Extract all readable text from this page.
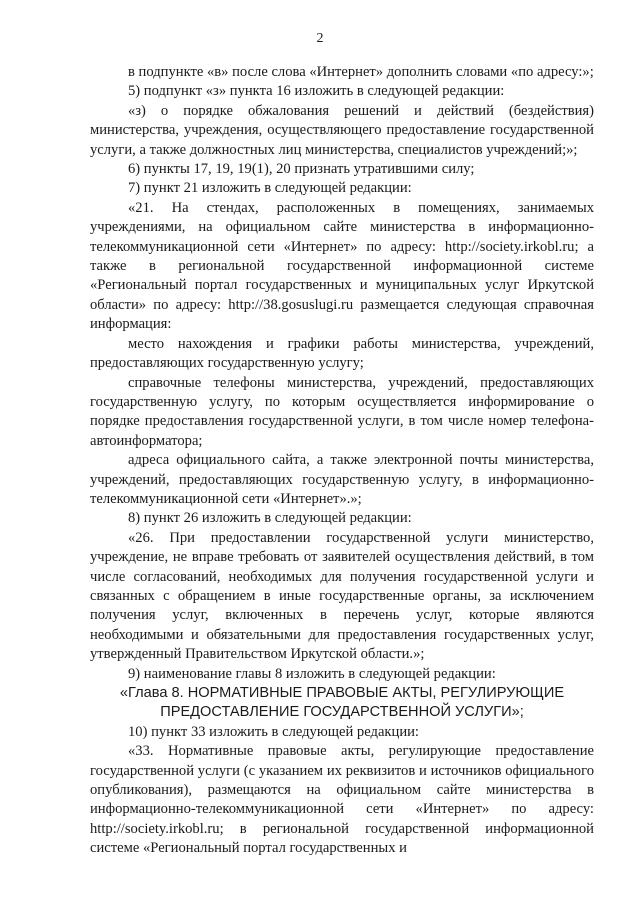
2

в подпункте «в» после слова «Интернет» дополнить словами «по адресу:»;

5) подпункт «з» пункта 16 изложить в следующей редакции:

«з) о порядке обжалования решений и действий (бездействия) министерства, учреждения, осуществляющего предоставление государственной услуги, а также должностных лиц министерства, специалистов учреждений;»;

6) пункты 17, 19, 19(1), 20 признать утратившими силу;

7) пункт 21 изложить в следующей редакции:

«21. На стендах, расположенных в помещениях, занимаемых учреждениями, на официальном сайте министерства в информационно-телекоммуникационной сети «Интернет» по адресу: http://society.irkobl.ru; а также в региональной государственной информационной системе «Региональный портал государственных и муниципальных услуг Иркутской области» по адресу: http://38.gosuslugi.ru размещается следующая справочная информация:

место нахождения и графики работы министерства, учреждений, предоставляющих государственную услугу;

справочные телефоны министерства, учреждений, предоставляющих государственную услугу, по которым осуществляется информирование о порядке предоставления государственной услуги, в том числе номер телефона-автоинформатора;

адреса официального сайта, а также электронной почты министерства, учреждений, предоставляющих государственную услугу, в информационно-телекоммуникационной сети «Интернет».»;

8) пункт 26 изложить в следующей редакции:

«26. При предоставлении государственной услуги министерство, учреждение, не вправе требовать от заявителей осуществления действий, в том числе согласований, необходимых для получения государственной услуги и связанных с обращением в иные государственные органы, за исключением получения услуг, включенных в перечень услуг, которые являются необходимыми и обязательными для предоставления государственных услуг, утвержденный Правительством Иркутской области.»;

9) наименование главы 8 изложить в следующей редакции:

«Глава 8. НОРМАТИВНЫЕ ПРАВОВЫЕ АКТЫ, РЕГУЛИРУЮЩИЕ ПРЕДОСТАВЛЕНИЕ ГОСУДАРСТВЕННОЙ УСЛУГИ»;

10) пункт 33 изложить в следующей редакции:

«33. Нормативные правовые акты, регулирующие предоставление государственной услуги (с указанием их реквизитов и источников официального опубликования), размещаются на официальном сайте министерства в информационно-телекоммуникационной сети «Интернет» по адресу: http://society.irkobl.ru; в региональной государственной информационной системе «Региональный портал государственных и
